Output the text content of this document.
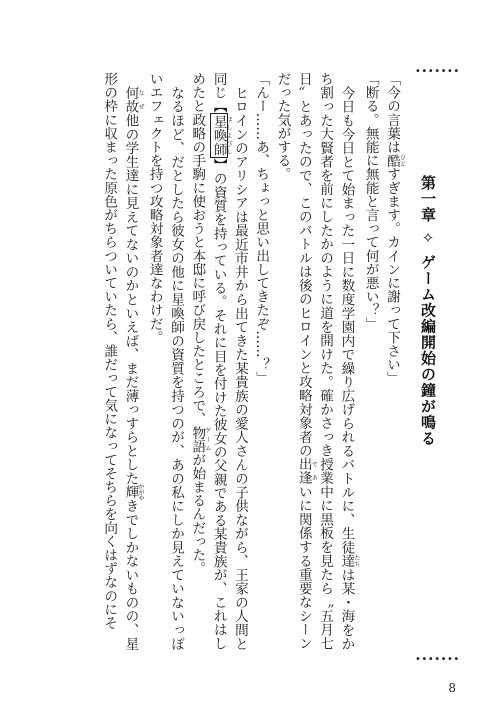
•••••••
第一章 ✧ ゲーム改編開始の鐘が鳴る

「今の言葉は酷ひどすぎます。カインに謝って下さい」

「断る。無能に無能と言って何が悪い？」

今日も今日とて始まった一日に数度学園内で繰り広げられるバトルに、生徒達たちは某・海をかち割った大賢者を前にしたかのように道を開けた。確かさっき授業中に黒板を見たら〝五月七日〟とあったので、このバトルは後のヒロインと攻略対象者の出逢であいに関係する重要なシーンだった気がする。

「んー……あ、ちょっと思い出してきたぞ……？」

ヒロインのアリシアは最近市井から出てきた某貴族の愛人さんの子供ながら、王家の人間と同じ【星喚師ほしよびし】の資質を持っている。それに目を付けた彼女の父親である某貴族が、これはしめたと政略の手駒に使おうと本邸に呼び戻したところで、物語ゲームが始まるんだった。

なるほど、だとしたら彼女の他に星喚師の資質を持つのが、あの私にしか見えていないっぽいエフェクトを持つ攻略対象者達なわけだ。

何故なぜ他の学生達に見えてないのかといえば、まだ薄っすらとした輝かがやきでしかないものの、星形の枠に収まった原色がちらついていたら、誰だって気になってそちらを向くはずなのにそ

•••••••
8
